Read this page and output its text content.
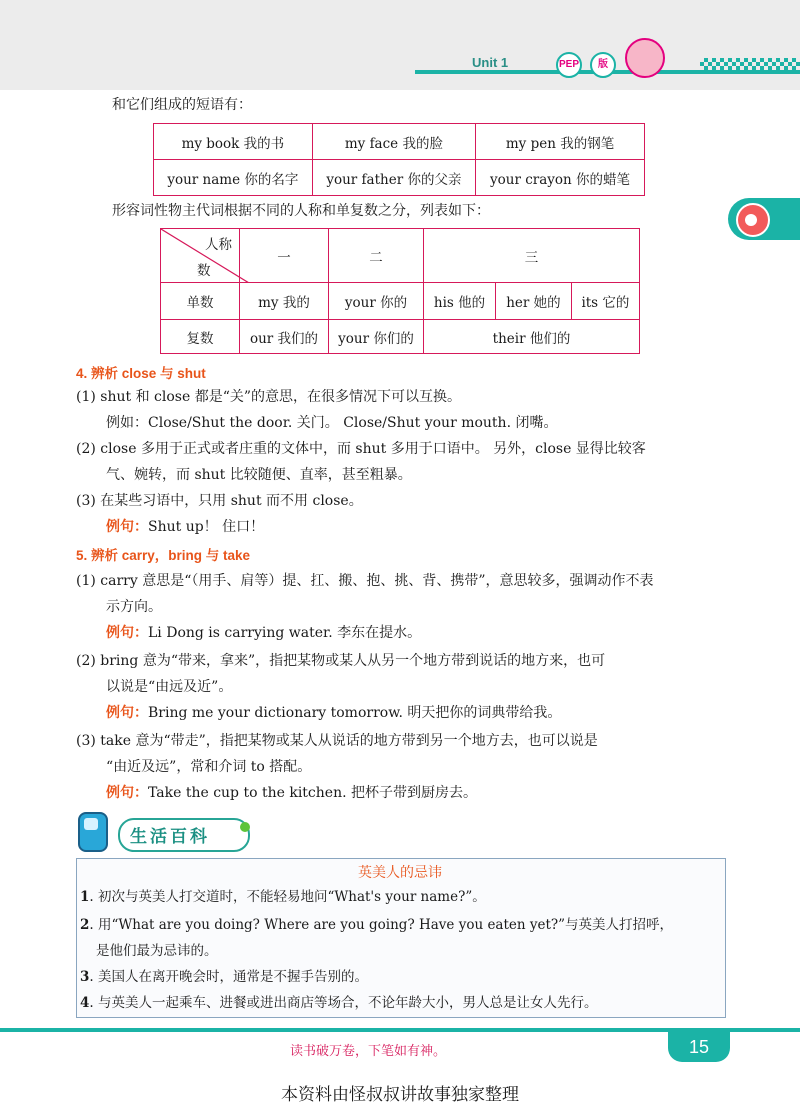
Unit 1	PEP	版
和它们组成的短语有：
my book 我的书	my face 我的脸	my pen 我的钢笔
your name 你的名字	your father 你的父亲	your crayon 你的蜡笔
形容词性物主代词根据不同的人称和单复数之分，列表如下：
人称
数	一	二	三		
单数	my 我的	your 你的	his 他的	her 她的	its 它的
复数	our 我们的	your 你们的	their 他们的		
4. 辨析 close 与 shut
(1) shut 和 close 都是“关”的意思，在很多情况下可以互换。
例如：Close/Shut the door. 关门。 Close/Shut your mouth. 闭嘴。
(2) close 多用于正式或者庄重的文体中，而 shut 多用于口语中。 另外，close 显得比较客
气、婉转，而 shut 比较随便、直率，甚至粗暴。
(3) 在某些习语中，只用 shut 而不用 close。
例句：Shut up！ 住口！
5. 辨析 carry，bring 与 take
(1) carry 意思是“（用手、肩等）提、扛、搬、抱、挑、背、携带”，意思较多，强调动作不表
示方向。
例句：Li Dong is carrying water. 李东在提水。
(2) bring 意为“带来，拿来”，指把某物或某人从另一个地方带到说话的地方来，也可
以说是“由远及近”。
例句：Bring me your dictionary tomorrow. 明天把你的词典带给我。
(3) take 意为“带走”，指把某物或某人从说话的地方带到另一个地方去，也可以说是
“由近及远”，常和介词 to 搭配。
例句：Take the cup to the kitchen. 把杯子带到厨房去。
生活百科
英美人的忌讳
1. 初次与英美人打交道时，不能轻易地问“What's your name?”。
2. 用“What are you doing? Where are you going? Have you eaten yet?”与英美人打招呼，
是他们最为忌讳的。
3. 美国人在离开晚会时，通常是不握手告别的。
4. 与英美人一起乘车、进餐或进出商店等场合，不论年龄大小，男人总是让女人先行。
读书破万卷，下笔如有神。	15
本资料由怪叔叔讲故事独家整理
